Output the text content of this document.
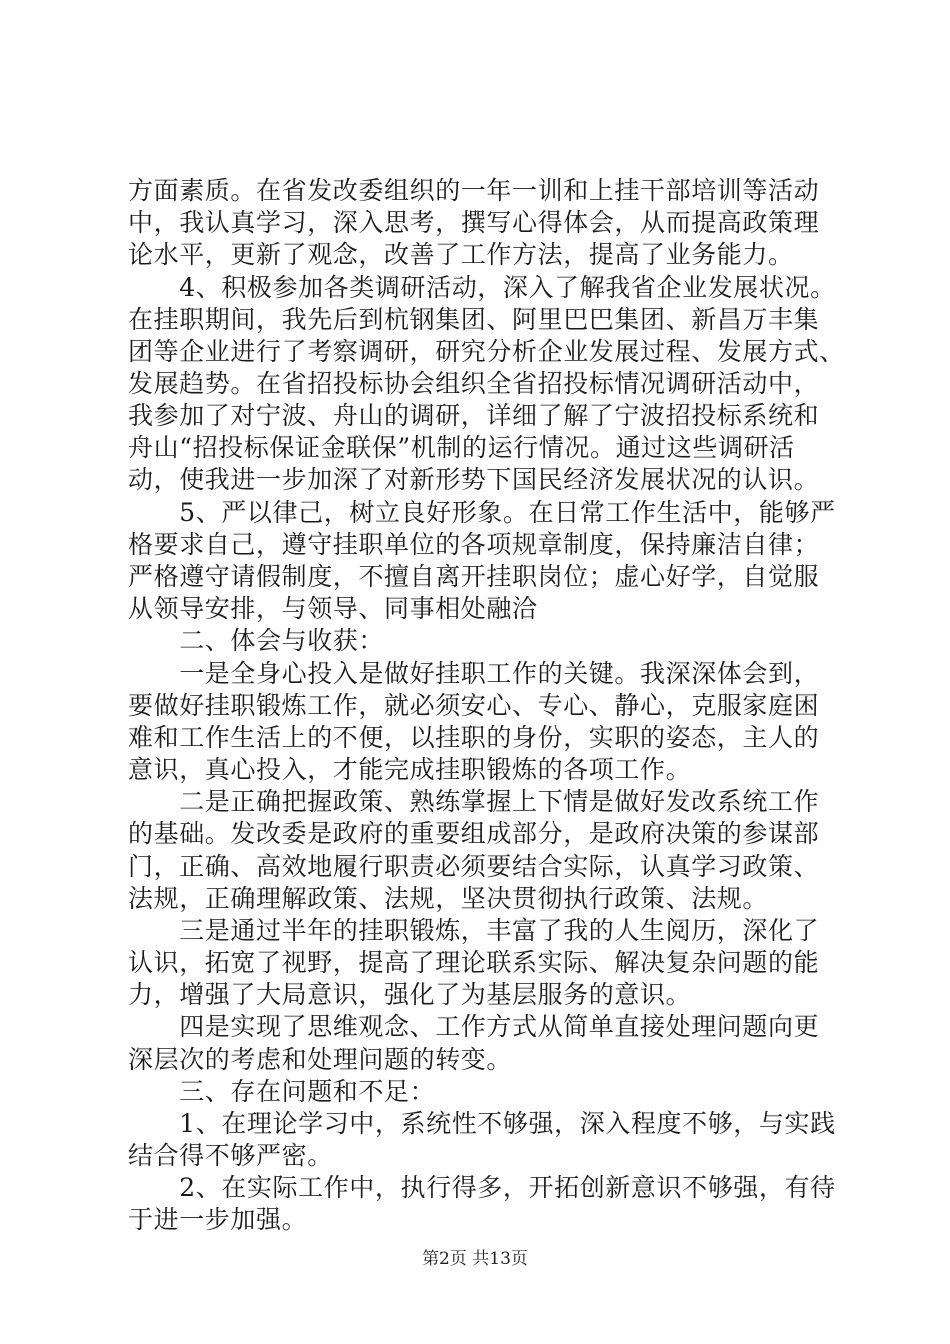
方面素质。在省发改委组织的一年一训和上挂干部培训等活动
中，我认真学习，深入思考，撰写心得体会，从而提高政策理
论水平，更新了观念，改善了工作方法，提高了业务能力。
　　4、积极参加各类调研活动，深入了解我省企业发展状况。
在挂职期间，我先后到杭钢集团、阿里巴巴集团、新昌万丰集
团等企业进行了考察调研，研究分析企业发展过程、发展方式、
发展趋势。在省招投标协会组织全省招投标情况调研活动中，
我参加了对宁波、舟山的调研，详细了解了宁波招投标系统和
舟山“招投标保证金联保”机制的运行情况。通过这些调研活
动，使我进一步加深了对新形势下国民经济发展状况的认识。
　　5、严以律己，树立良好形象。在日常工作生活中，能够严
格要求自己，遵守挂职单位的各项规章制度，保持廉洁自律；
严格遵守请假制度，不擅自离开挂职岗位；虚心好学，自觉服
从领导安排，与领导、同事相处融洽
　　二、体会与收获：
　　一是全身心投入是做好挂职工作的关键。我深深体会到，
要做好挂职锻炼工作，就必须安心、专心、静心，克服家庭困
难和工作生活上的不便，以挂职的身份，实职的姿态，主人的
意识，真心投入，才能完成挂职锻炼的各项工作。
　　二是正确把握政策、熟练掌握上下情是做好发改系统工作
的基础。发改委是政府的重要组成部分，是政府决策的参谋部
门，正确、高效地履行职责必须要结合实际，认真学习政策、
法规，正确理解政策、法规，坚决贯彻执行政策、法规。
　　三是通过半年的挂职锻炼，丰富了我的人生阅历，深化了
认识，拓宽了视野，提高了理论联系实际、解决复杂问题的能
力，增强了大局意识，强化了为基层服务的意识。
　　四是实现了思维观念、工作方式从简单直接处理问题向更
深层次的考虑和处理问题的转变。
　　三、存在问题和不足：
　　1、在理论学习中，系统性不够强，深入程度不够，与实践
结合得不够严密。
　　2、在实际工作中，执行得多，开拓创新意识不够强，有待
于进一步加强。
第2页 共13页
